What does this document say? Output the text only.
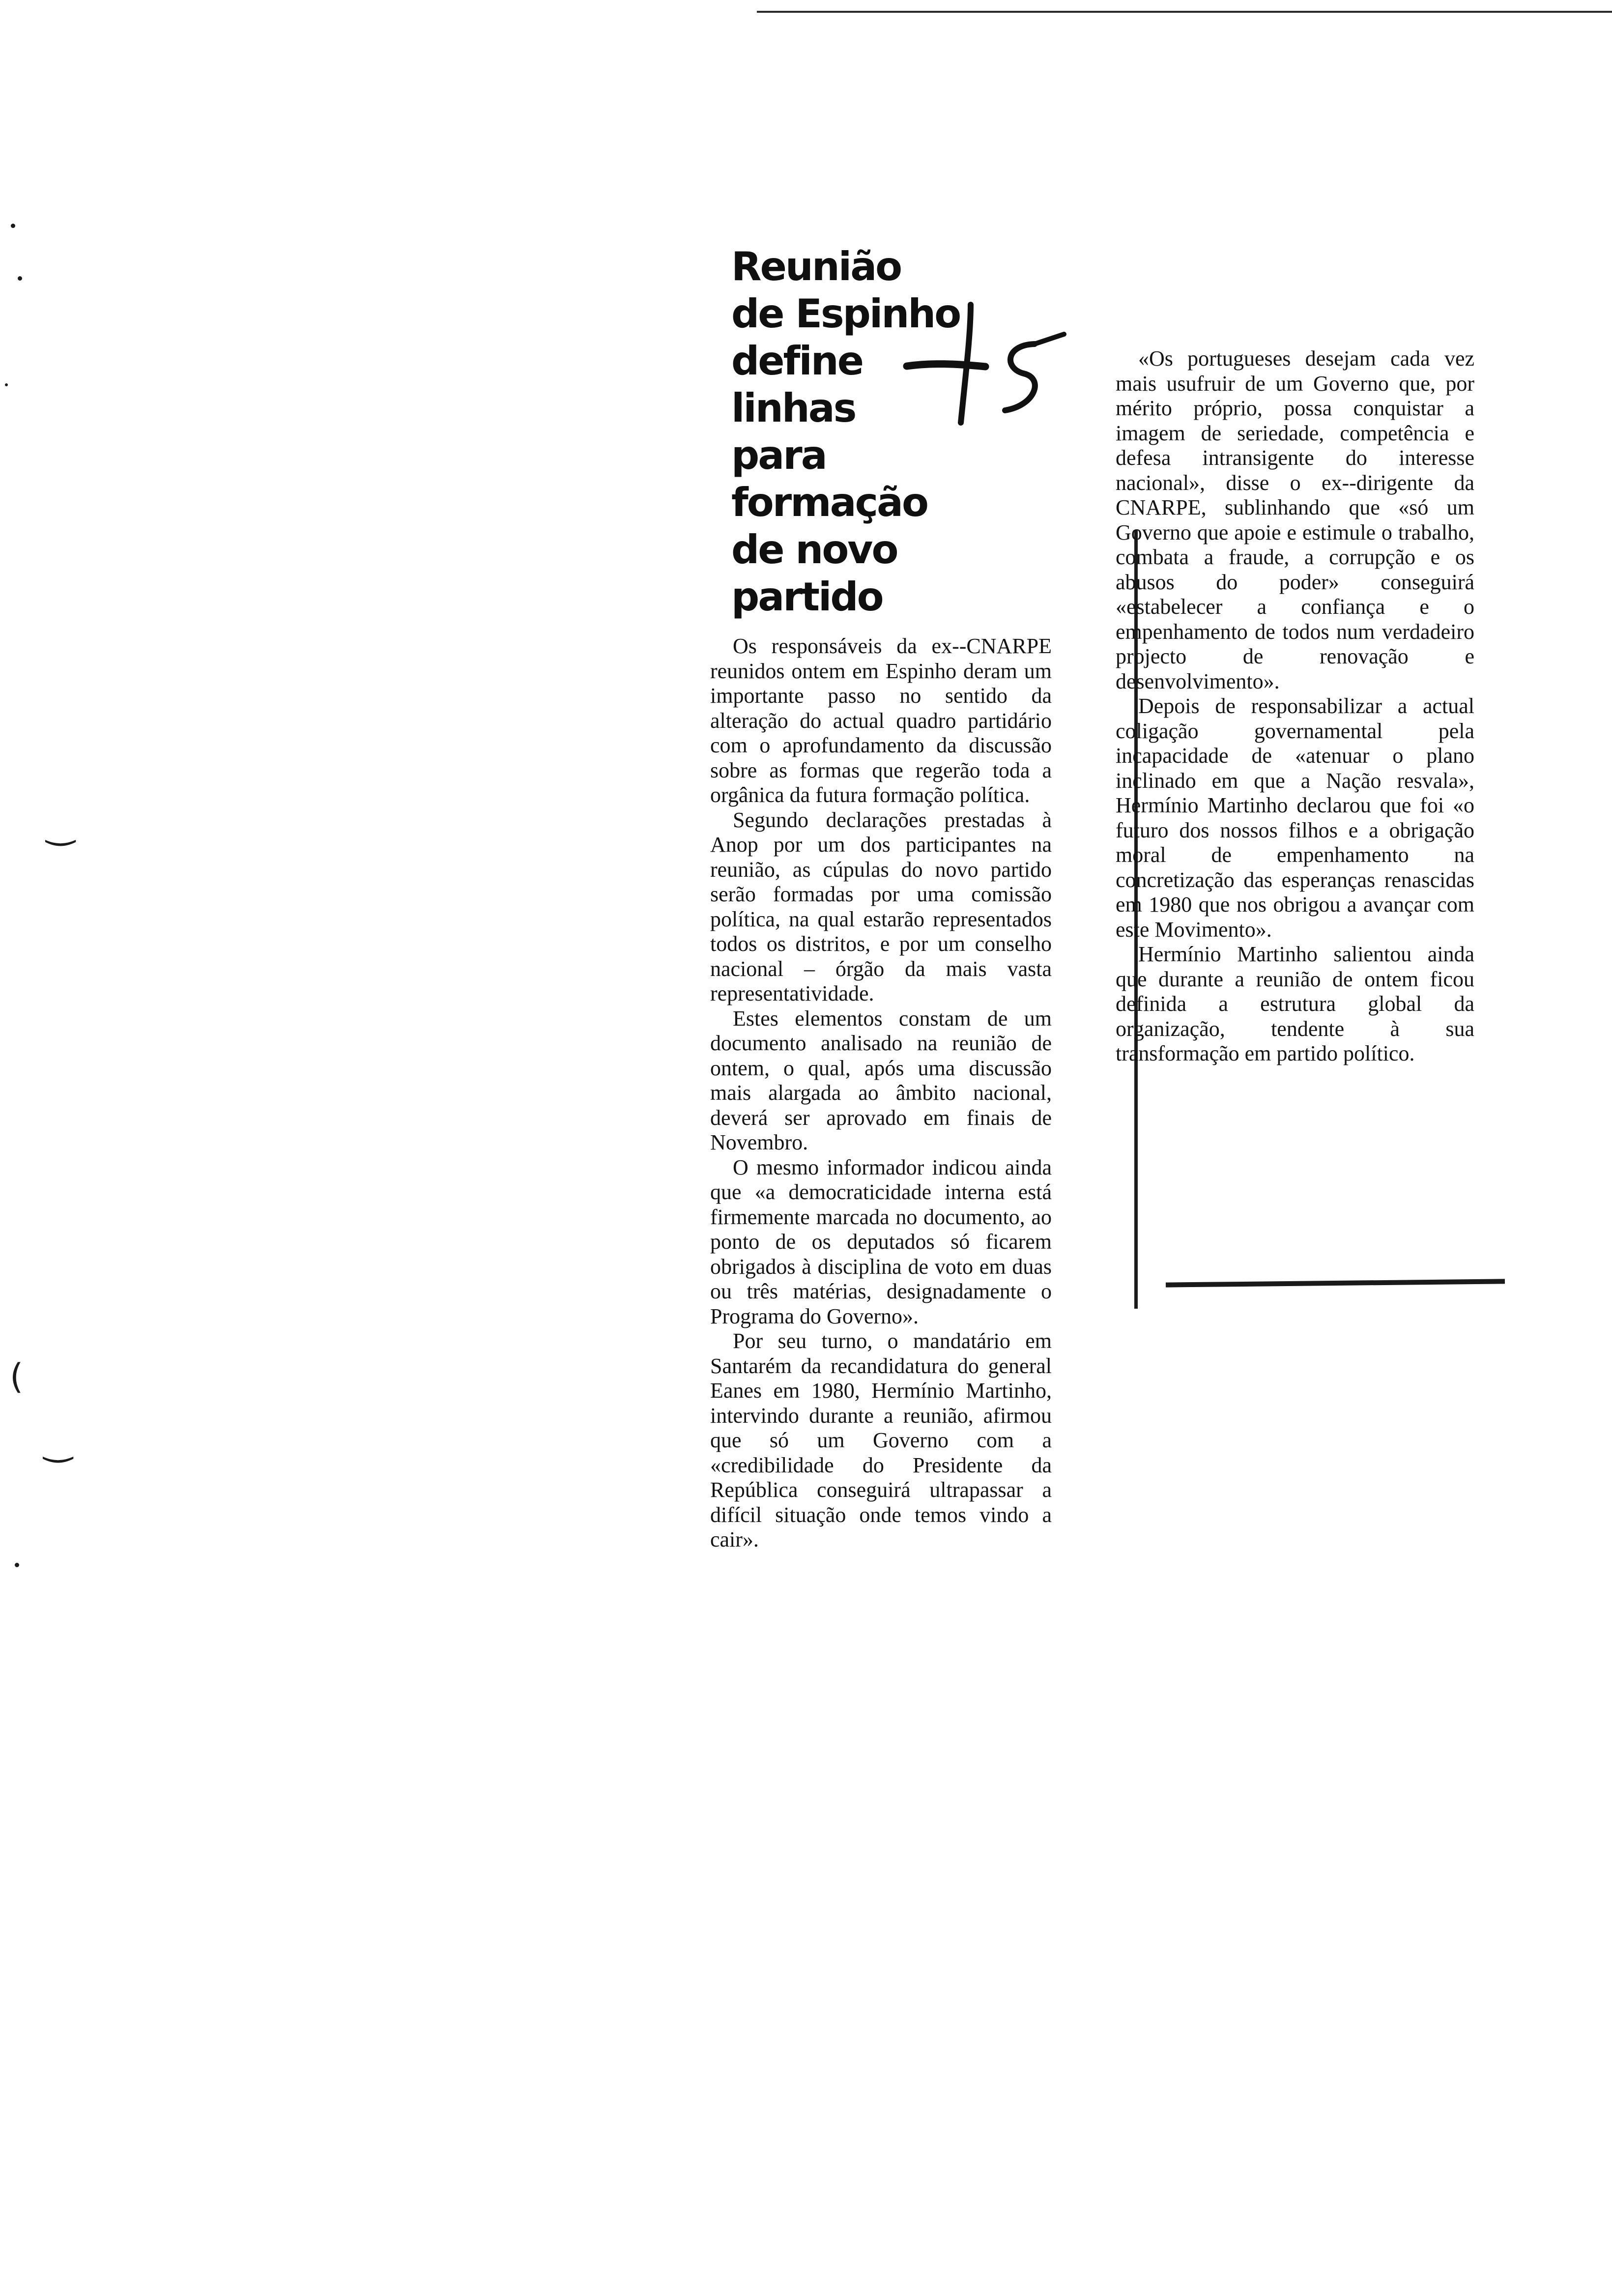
‿
‿
(
Reunião
de Espinho
define
linhas
para
formação
de novo
partido
-/5

Os responsáveis da ex--CNARPE reunidos ontem em Espinho deram um importante passo no sentido da alteração do actual quadro partidário com o aprofundamento da discussão sobre as formas que regerão toda a orgânica da futura formação política.

Segundo declarações prestadas à Anop por um dos participantes na reunião, as cúpulas do novo partido serão formadas por uma comissão política, na qual estarão representados todos os distritos, e por um conselho nacional – órgão da mais vasta representatividade.

Estes elementos constam de um documento analisado na reunião de ontem, o qual, após uma discussão mais alargada ao âmbito nacional, deverá ser aprovado em finais de Novembro.

O mesmo informador indicou ainda que «a democraticidade interna está firmemente marcada no documento, ao ponto de os deputados só ficarem obrigados à disciplina de voto em duas ou três matérias, designadamente o Programa do Governo».

Por seu turno, o mandatário em Santarém da recandidatura do general Eanes em 1980, Hermínio Martinho, intervindo durante a reunião, afirmou que só um Governo com a «credibilidade do Presidente da República conseguirá ultrapassar a difícil situação onde temos vindo a cair».

«Os portugueses desejam cada vez mais usufruir de um Governo que, por mérito próprio, possa conquistar a imagem de seriedade, competência e defesa intransigente do interesse nacional», disse o ex--dirigente da CNARPE, sublinhando que «só um Governo que apoie e estimule o trabalho, combata a fraude, a corrupção e os abusos do poder» conseguirá «estabelecer a confiança e o empenhamento de todos num verdadeiro projecto de renovação e desenvolvimento».

Depois de responsabilizar a actual coligação governamental pela incapacidade de «atenuar o plano inclinado em que a Nação resvala», Hermínio Martinho declarou que foi «o futuro dos nossos filhos e a obrigação moral de empenhamento na concretização das esperanças renascidas em 1980 que nos obrigou a avançar com este Movimento».

Hermínio Martinho salientou ainda que durante a reunião de ontem ficou definida a estrutura global da organização, tendente à sua transformação em partido político.
